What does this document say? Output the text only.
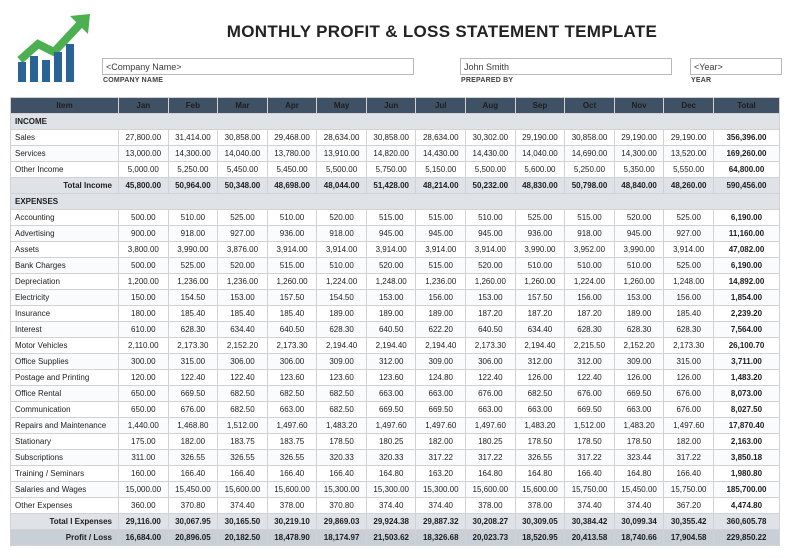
MONTHLY PROFIT & LOSS STATEMENT TEMPLATE
<Company Name>
COMPANY NAME
John Smith
PREPARED BY
<Year>
YEAR
Item	Jan	Feb	Mar	Apr	May	Jun	Jul	Aug	Sep	Oct	Nov	Dec	Total
INCOME													
Sales	27,800.00	31,414.00	30,858.00	29,468.00	28,634.00	30,858.00	28,634.00	30,302.00	29,190.00	30,858.00	29,190.00	29,190.00	356,396.00
Services	13,000.00	14,300.00	14,040.00	13,780.00	13,910.00	14,820.00	14,430.00	14,430.00	14,040.00	14,690.00	14,300.00	13,520.00	169,260.00
Other Income	5,000.00	5,250.00	5,450.00	5,450.00	5,500.00	5,750.00	5,150.00	5,500.00	5,600.00	5,250.00	5,350.00	5,550.00	64,800.00
Total Income	45,800.00	50,964.00	50,348.00	48,698.00	48,044.00	51,428.00	48,214.00	50,232.00	48,830.00	50,798.00	48,840.00	48,260.00	590,456.00
EXPENSES													
Accounting	500.00	510.00	525.00	510.00	520.00	515.00	515.00	510.00	525.00	515.00	520.00	525.00	6,190.00
Advertising	900.00	918.00	927.00	936.00	918.00	945.00	945.00	945.00	936.00	918.00	945.00	927.00	11,160.00
Assets	3,800.00	3,990.00	3,876.00	3,914.00	3,914.00	3,914.00	3,914.00	3,914.00	3,990.00	3,952.00	3,990.00	3,914.00	47,082.00
Bank Charges	500.00	525.00	520.00	515.00	510.00	520.00	515.00	520.00	510.00	510.00	510.00	525.00	6,190.00
Depreciation	1,200.00	1,236.00	1,236.00	1,260.00	1,224.00	1,248.00	1,236.00	1,260.00	1,260.00	1,224.00	1,260.00	1,248.00	14,892.00
Electricity	150.00	154.50	153.00	157.50	154.50	153.00	156.00	153.00	157.50	156.00	153.00	156.00	1,854.00
Insurance	180.00	185.40	185.40	185.40	189.00	189.00	189.00	187.20	187.20	187.20	189.00	185.40	2,239.20
Interest	610.00	628.30	634.40	640.50	628.30	640.50	622.20	640.50	634.40	628.30	628.30	628.30	7,564.00
Motor Vehicles	2,110.00	2,173.30	2,152.20	2,173.30	2,194.40	2,194.40	2,194.40	2,173.30	2,194.40	2,215.50	2,152.20	2,173.30	26,100.70
Office Supplies	300.00	315.00	306.00	306.00	309.00	312.00	309.00	306.00	312.00	312.00	309.00	315.00	3,711.00
Postage and Printing	120.00	122.40	122.40	123.60	123.60	123.60	124.80	122.40	126.00	122.40	126.00	126.00	1,483.20
Office Rental	650.00	669.50	682.50	682.50	682.50	663.00	663.00	676.00	682.50	676.00	669.50	676.00	8,073.00
Communication	650.00	676.00	682.50	663.00	682.50	669.50	669.50	663.00	663.00	669.50	663.00	676.00	8,027.50
Repairs and Maintenance	1,440.00	1,468.80	1,512.00	1,497.60	1,483.20	1,497.60	1,497.60	1,497.60	1,483.20	1,512.00	1,483.20	1,497.60	17,870.40
Stationary	175.00	182.00	183.75	183.75	178.50	180.25	182.00	180.25	178.50	178.50	178.50	182.00	2,163.00
Subscriptions	311.00	326.55	326.55	326.55	320.33	320.33	317.22	317.22	326.55	317.22	323.44	317.22	3,850.18
Training / Seminars	160.00	166.40	166.40	166.40	166.40	164.80	163.20	164.80	164.80	166.40	164.80	166.40	1,980.80
Salaries and Wages	15,000.00	15,450.00	15,600.00	15,600.00	15,300.00	15,300.00	15,300.00	15,600.00	15,600.00	15,750.00	15,450.00	15,750.00	185,700.00
Other Expenses	360.00	370.80	374.40	378.00	370.80	374.40	374.40	378.00	378.00	374.40	374.40	367.20	4,474.80
Total I Expenses	29,116.00	30,067.95	30,165.50	30,219.10	29,869.03	29,924.38	29,887.32	30,208.27	30,309.05	30,384.42	30,099.34	30,355.42	360,605.78
Profit / Loss	16,684.00	20,896.05	20,182.50	18,478.90	18,174.97	21,503.62	18,326.68	20,023.73	18,520.95	20,413.58	18,740.66	17,904.58	229,850.22
